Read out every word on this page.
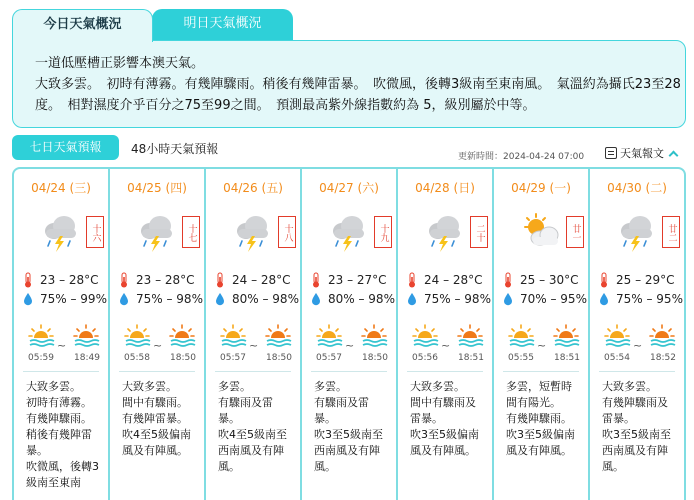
今日天氣概況	明日天氣概況

一道低壓槽正影響本澳天氣。

大致多雲。　初時有薄霧。有幾陣驟雨。稍後有幾陣雷暴。　吹微風，後轉3級南至東南風。　氣溫約為攝氏23至28

度。　相對濕度介乎百分之75至99之間。　預測最高紫外線指數約為 5，級別屬於中等。

七日天氣預報	48小時天氣預報
更新時間：2024-04-24 07:00	天氣報文
04/24 (三)
十六
23 – 28°C
75% – 99%
~
05:59 18:49
大致多雲。
初時有薄霧。
有幾陣驟雨。
稍後有幾陣雷
暴。
吹微風，後轉3
級南至東南
04/25 (四)
十七
23 – 28°C
75% – 98%
~
05:58 18:50
大致多雲。
間中有驟雨。
有幾陣雷暴。
吹4至5級偏南
風及有陣風。
04/26 (五)
十八
24 – 28°C
80% – 98%
~
05:57 18:50
多雲。
有驟雨及雷
暴。
吹4至5級南至
西南風及有陣
風。
04/27 (六)
十九
23 – 27°C
80% – 98%
~
05:57 18:50
多雲。
有驟雨及雷
暴。
吹3至5級南至
西南風及有陣
風。
04/28 (日)
二十
24 – 28°C
75% – 98%
~
05:56 18:51
大致多雲。
間中有驟雨及
雷暴。
吹3至5級偏南
風及有陣風。
04/29 (一)
廿一
25 – 30°C
70% – 95%
~
05:55 18:51
多雲，短暫時
間有陽光。
有幾陣驟雨。
吹3至5級偏南
風及有陣風。
04/30 (二)
廿二
25 – 29°C
75% – 95%
~
05:54 18:52
大致多雲。
有幾陣驟雨及
雷暴。
吹3至5級南至
西南風及有陣
風。
